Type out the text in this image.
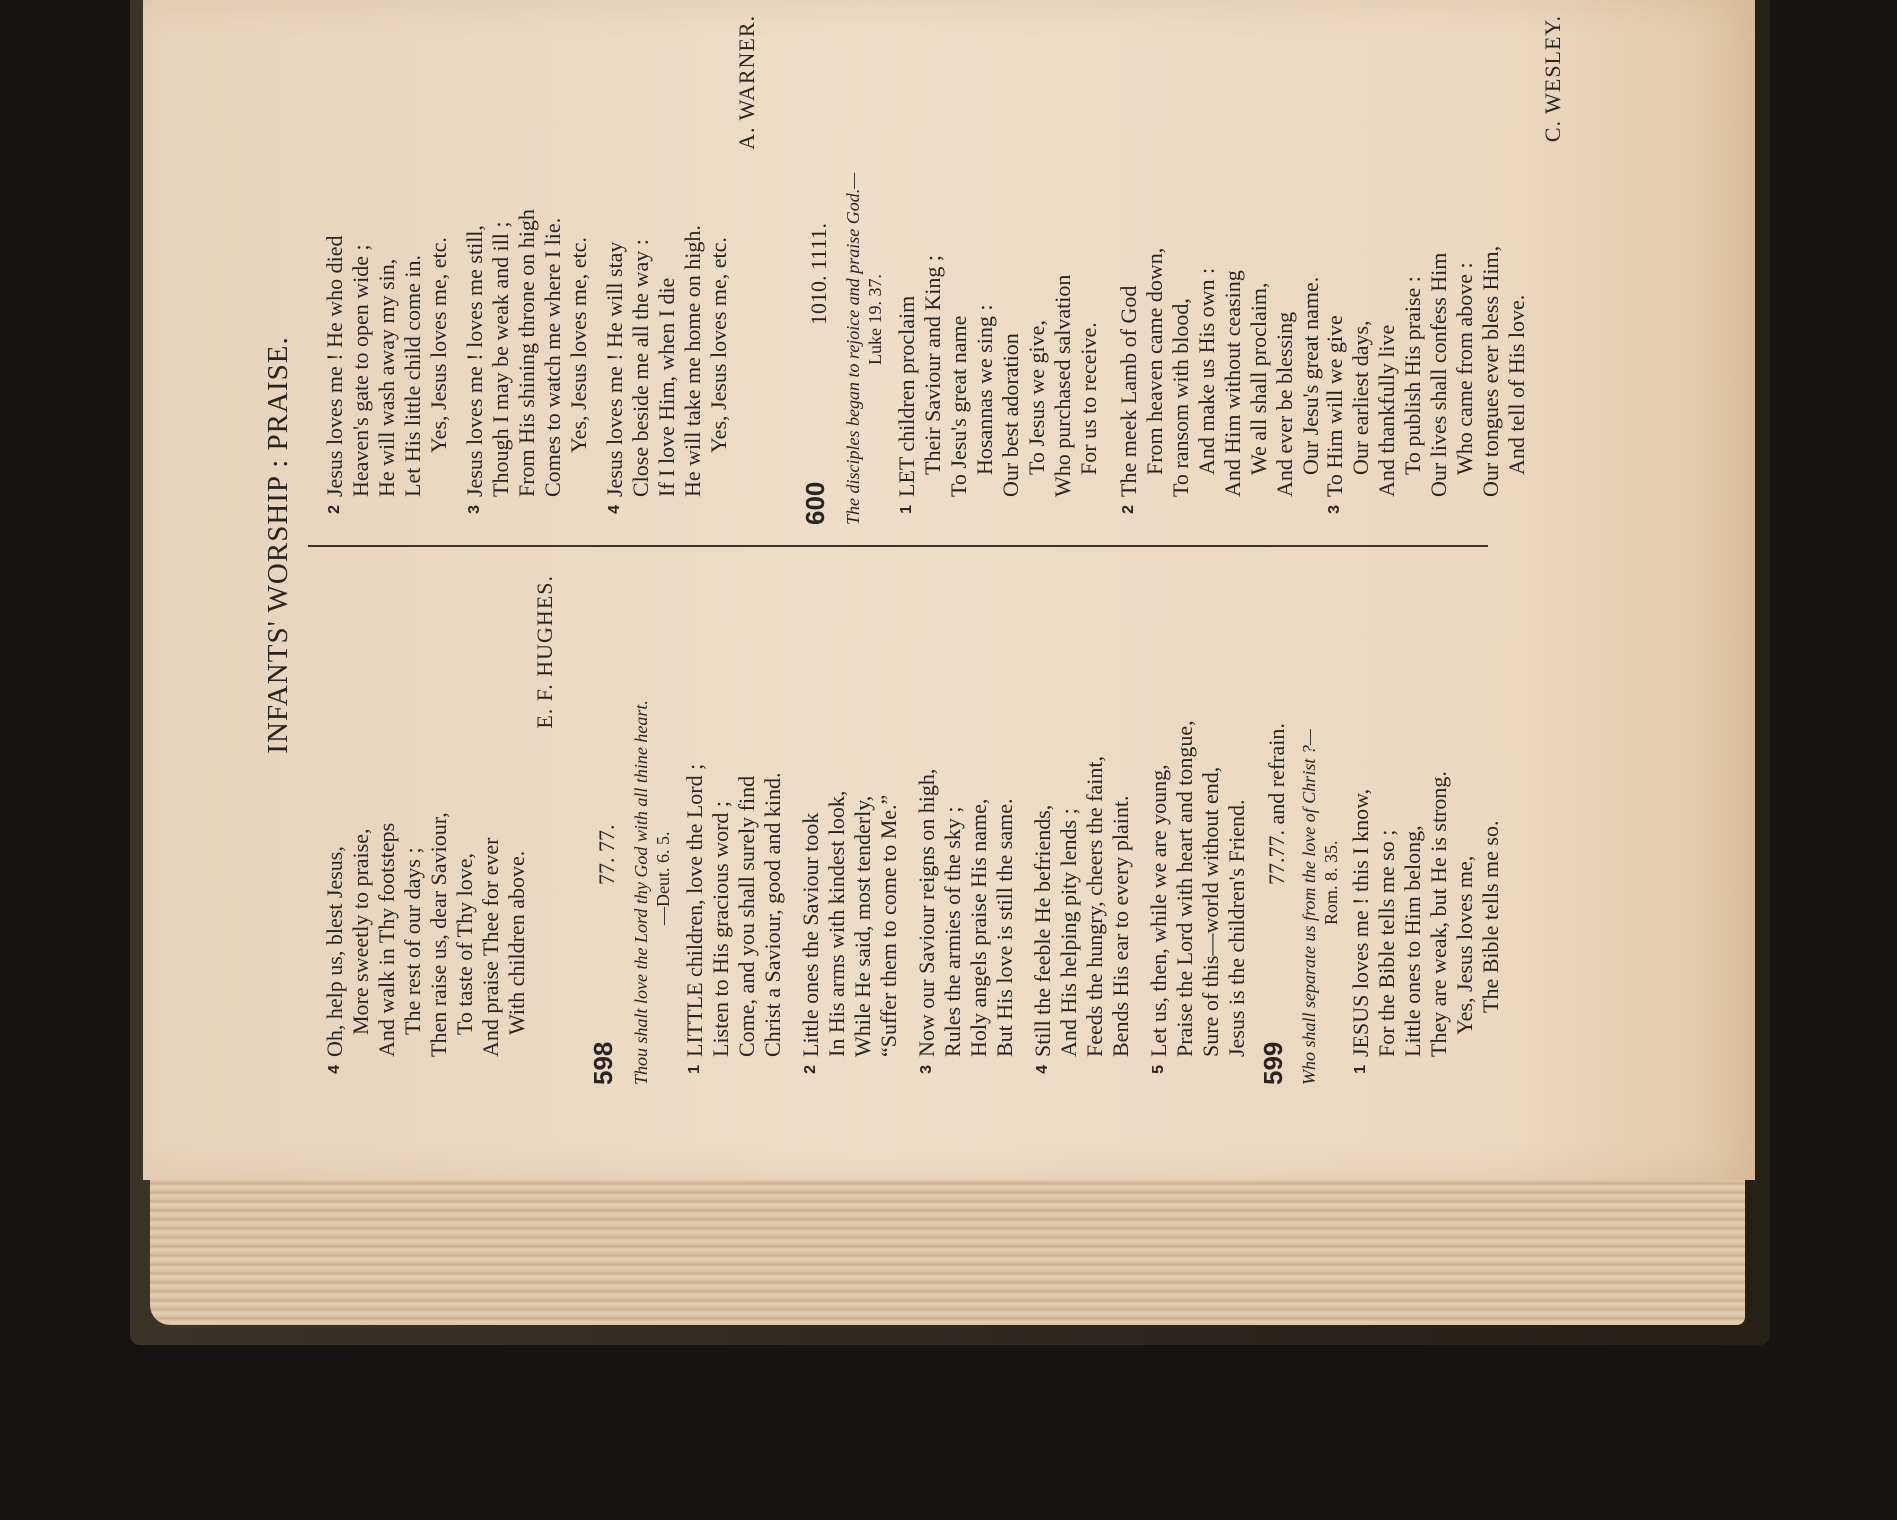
INFANTS' WORSHIP : PRAISE.
4
Oh, help us, blest Jesus, More sweetly to praise, And walk in Thy footsteps The rest of our days ; Then raise us, dear Saviour, To taste of Thy love, And praise Thee for ever With children above.
E. F. HUGHES.
598
77. 77. Thou shalt love the Lord thy God with all thine heart. —Deut. 6. 5.
1
LITTLE children, love the Lord ; Listen to His gracious word ; Come, and you shall surely find Christ a Saviour, good and kind.
2
Little ones the Saviour took In His arms with kindest look, While He said, most tenderly, “Suffer them to come to Me.”
3
Now our Saviour reigns on high, Rules the armies of the sky ; Holy angels praise His name, But His love is still the same.
4
Still the feeble He befriends, And His helping pity lends ; Feeds the hungry, cheers the faint, Bends His ear to every plaint.
5
Let us, then, while we are young, Praise the Lord with heart and tongue, Sure of this—world without end, Jesus is the children's Friend.
599
77.77. and refrain. Who shall separate us from the love of Christ ?— Rom. 8. 35.
1
JESUS loves me ! this I know, For the Bible tells me so ; Little ones to Him belong, They are weak, but He is strong. Yes, Jesus loves me, The Bible tells me so.
2
Jesus loves me ! He who died Heaven's gate to open wide ; He will wash away my sin, Let His little child come in. Yes, Jesus loves me, etc.
3
Jesus loves me ! loves me still, Though I may be weak and ill ; From His shining throne on high Comes to watch me where I lie. Yes, Jesus loves me, etc.
4
Jesus loves me ! He will stay Close beside me all the way : If I love Him, when I die He will take me home on high. Yes, Jesus loves me, etc.
A. WARNER.
600
1010. 1111. The disciples began to rejoice and praise God.— Luke 19. 37.
1
LET children proclaim Their Saviour and King ; To Jesu's great name Hosannas we sing : Our best adoration To Jesus we give, Who purchased salvation For us to receive.
2
The meek Lamb of God From heaven came down, To ransom with blood, And make us His own : And Him without ceasing We all shall proclaim, And ever be blessing Our Jesu's great name.
3
To Him will we give Our earliest days, And thankfully live To publish His praise : Our lives shall confess Him Who came from above : Our tongues ever bless Him, And tell of His love.
C. WESLEY.
